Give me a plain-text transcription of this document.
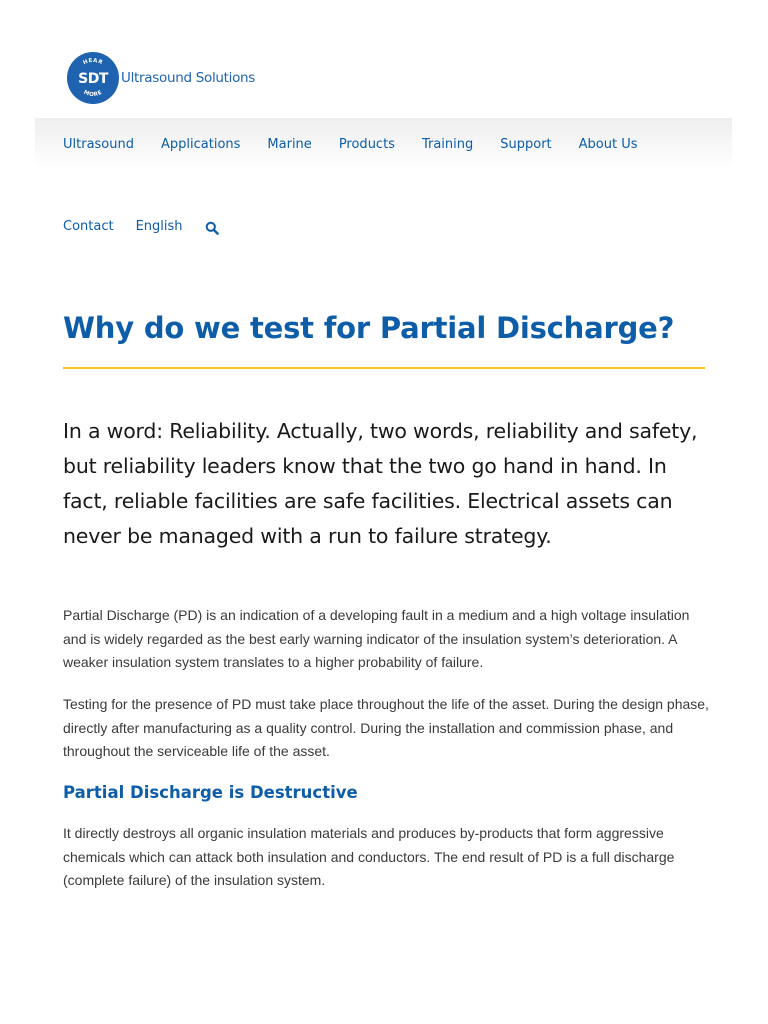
HEAR
MORE
SDT Ultrasound Solutions
Ultrasound Applications Marine Products Training Support About Us
Contact English
Why do we test for Partial Discharge?

In a word: Reliability. Actually, two words, reliability and safety, but reliability leaders know that the two go hand in hand. In fact, reliable facilities are safe facilities. Electrical assets can never be managed with a run to failure strategy.

Partial Discharge (PD) is an indication of a developing fault in a medium and a high voltage insulation and is widely regarded as the best early warning indicator of the insulation system’s deterioration. A weaker insulation system translates to a higher probability of failure.

Testing for the presence of PD must take place throughout the life of the asset. During the design phase, directly after manufacturing as a quality control. During the installation and commission phase, and throughout the serviceable life of the asset.

Partial Discharge is Destructive

It directly destroys all organic insulation materials and produces by-products that form aggressive chemicals which can attack both insulation and conductors. The end result of PD is a full discharge (complete failure) of the insulation system.
